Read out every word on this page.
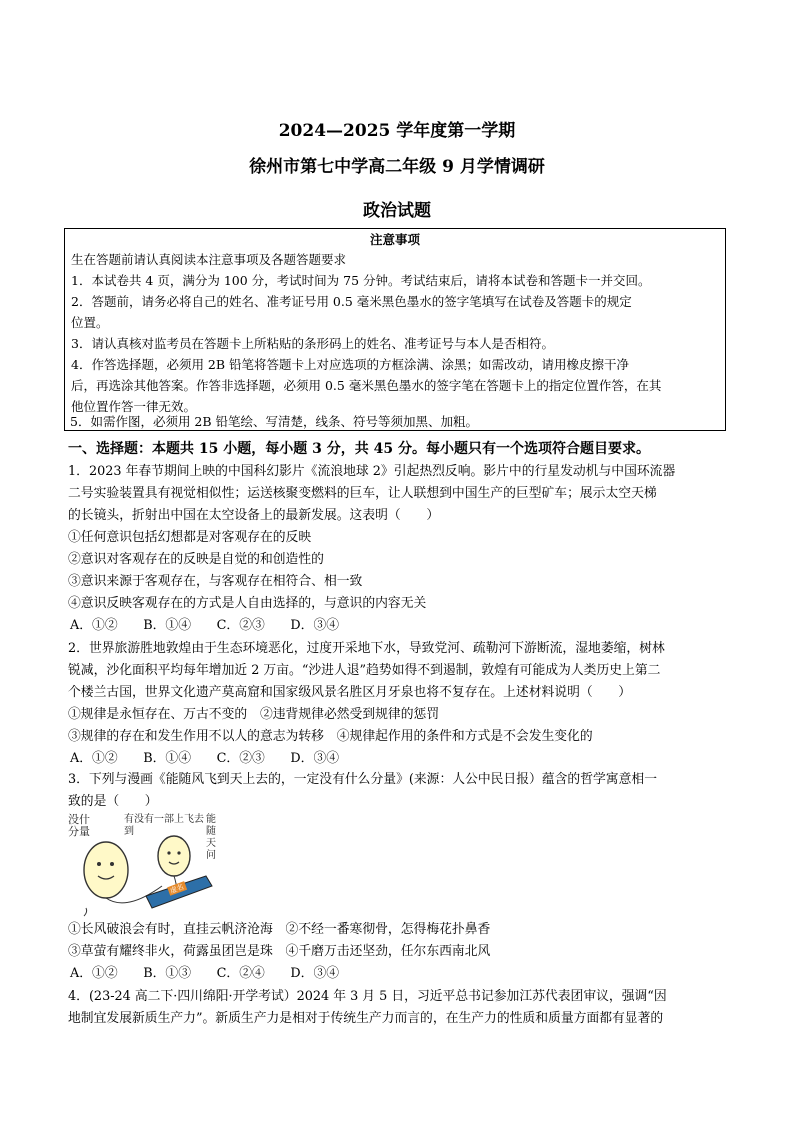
2024—2025 学年度第一学期
徐州市第七中学高二年级 9 月学情调研
政治试题
注意事项
生在答题前请认真阅读本注意事项及各题答题要求
1．本试卷共 4 页，满分为 100 分，考试时间为 75 分钟。考试结束后，请将本试卷和答题卡一并交回。
2．答题前，请务必将自己的姓名、准考证号用 0.5 毫米黑色墨水的签字笔填写在试卷及答题卡的规定
位置。
3．请认真核对监考员在答题卡上所粘贴的条形码上的姓名、准考证号与本人是否相符。
4．作答选择题，必须用 2B 铅笔将答题卡上对应选项的方框涂满、涂黑；如需改动，请用橡皮擦干净
后，再选涂其他答案。作答非选择题，必须用 0.5 毫米黑色墨水的签字笔在答题卡上的指定位置作答，在其
他位置作答一律无效。
5．如需作图，必须用 2B 铅笔绘、写清楚，线条、符号等须加黑、加粗。
一、选择题：本题共 15 小题，每小题 3 分，共 45 分。每小题只有一个选项符合题目要求。
1．2023 年春节期间上映的中国科幻影片《流浪地球 2》引起热烈反响。影片中的行星发动机与中国环流器
二号实验装置具有视觉相似性；运送核聚变燃料的巨车，让人联想到中国生产的巨型矿车；展示太空天梯
的长镜头，折射出中国在太空设备上的最新发展。这表明（　　）
①任何意识包括幻想都是对客观存在的反映
②意识对客观存在的反映是自觉的和创造性的
③意识来源于客观存在，与客观存在相符合、相一致
④意识反映客观存在的方式是人自由选择的，与意识的内容无关
A．①②　　B．①④　　C．②③　　D．③④
2．世界旅游胜地敦煌由于生态环境恶化，过度开采地下水，导致党河、疏勒河下游断流，湿地萎缩，树林
锐减，沙化面积平均每年增加近 2 万亩。“沙进人退”趋势如得不到遏制，敦煌有可能成为人类历史上第二
个楼兰古国，世界文化遗产莫高窟和国家级风景名胜区月牙泉也将不复存在。上述材料说明（　　）
①规律是永恒存在、万古不变的　②违背规律必然受到规律的惩罚
③规律的存在和发生作用不以人的意志为转移　④规律起作用的条件和方式是不会发生变化的
A．①②　　B．①④　　C．②③　　D．③④
3．下列与漫画《能随风飞到天上去的，一定没有什么分量》(来源：人公中民日报）蕴含的哲学寓意相一
致的是（　　）
没什分量
有没有一部上飞去到
能随天问
虚名
①长风破浪会有时，直挂云帆济沧海　②不经一番寒彻骨，怎得梅花扑鼻香
③草萤有耀终非火，荷露虽团岂是珠　④千磨万击还坚劲，任尔东西南北风
A．①②　　B．①③　　C．②④　　D．③④
4．(23-24 高二下·四川绵阳·开学考试）2024 年 3 月 5 日，习近平总书记参加江苏代表团审议，强调“因
地制宜发展新质生产力”。新质生产力是相对于传统生产力而言的，在生产力的性质和质量方面都有显著的
